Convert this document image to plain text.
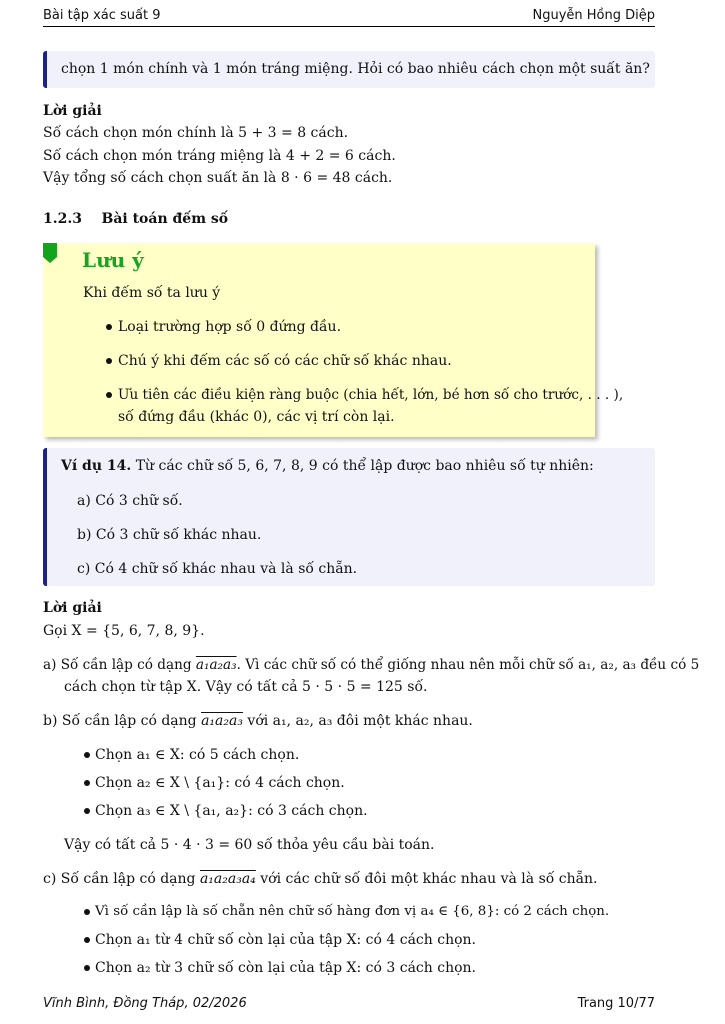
Bài tập xác suất 9	Nguyễn Hồng Diệp
chọn 1 món chính và 1 món tráng miệng. Hỏi có bao nhiêu cách chọn một suất ăn?
Lời giải
Số cách chọn món chính là 5 + 3 = 8 cách.
Số cách chọn món tráng miệng là 4 + 2 = 6 cách.
Vậy tổng số cách chọn suất ăn là 8 · 6 = 48 cách.
1.2.3 Bài toán đếm số
Lưu ý
Khi đếm số ta lưu ý
Loại trường hợp số 0 đứng đầu.
Chú ý khi đếm các số có các chữ số khác nhau.
Ưu tiên các điều kiện ràng buộc (chia hết, lớn, bé hơn số cho trước, . . . ),
số đứng đầu (khác 0), các vị trí còn lại.
Ví dụ 14. Từ các chữ số 5, 6, 7, 8, 9 có thể lập được bao nhiêu số tự nhiên:
a) Có 3 chữ số.
b) Có 3 chữ số khác nhau.
c) Có 4 chữ số khác nhau và là số chẵn.
Lời giải
Gọi X = {5, 6, 7, 8, 9}.
a) Số cần lập có dạng a₁a₂a₃. Vì các chữ số có thể giống nhau nên mỗi chữ số a₁, a₂, a₃ đều có 5
cách chọn từ tập X. Vậy có tất cả 5 · 5 · 5 = 125 số.
b) Số cần lập có dạng a₁a₂a₃ với a₁, a₂, a₃ đôi một khác nhau.
Chọn a₁ ∈ X: có 5 cách chọn.
Chọn a₂ ∈ X \ {a₁}: có 4 cách chọn.
Chọn a₃ ∈ X \ {a₁, a₂}: có 3 cách chọn.
Vậy có tất cả 5 · 4 · 3 = 60 số thỏa yêu cầu bài toán.
c) Số cần lập có dạng a₁a₂a₃a₄ với các chữ số đôi một khác nhau và là số chẵn.
Vì số cần lập là số chẵn nên chữ số hàng đơn vị a₄ ∈ {6, 8}: có 2 cách chọn.
Chọn a₁ từ 4 chữ số còn lại của tập X: có 4 cách chọn.
Chọn a₂ từ 3 chữ số còn lại của tập X: có 3 cách chọn.
Vĩnh Bình, Đồng Tháp, 02/2026	Trang 10/77
